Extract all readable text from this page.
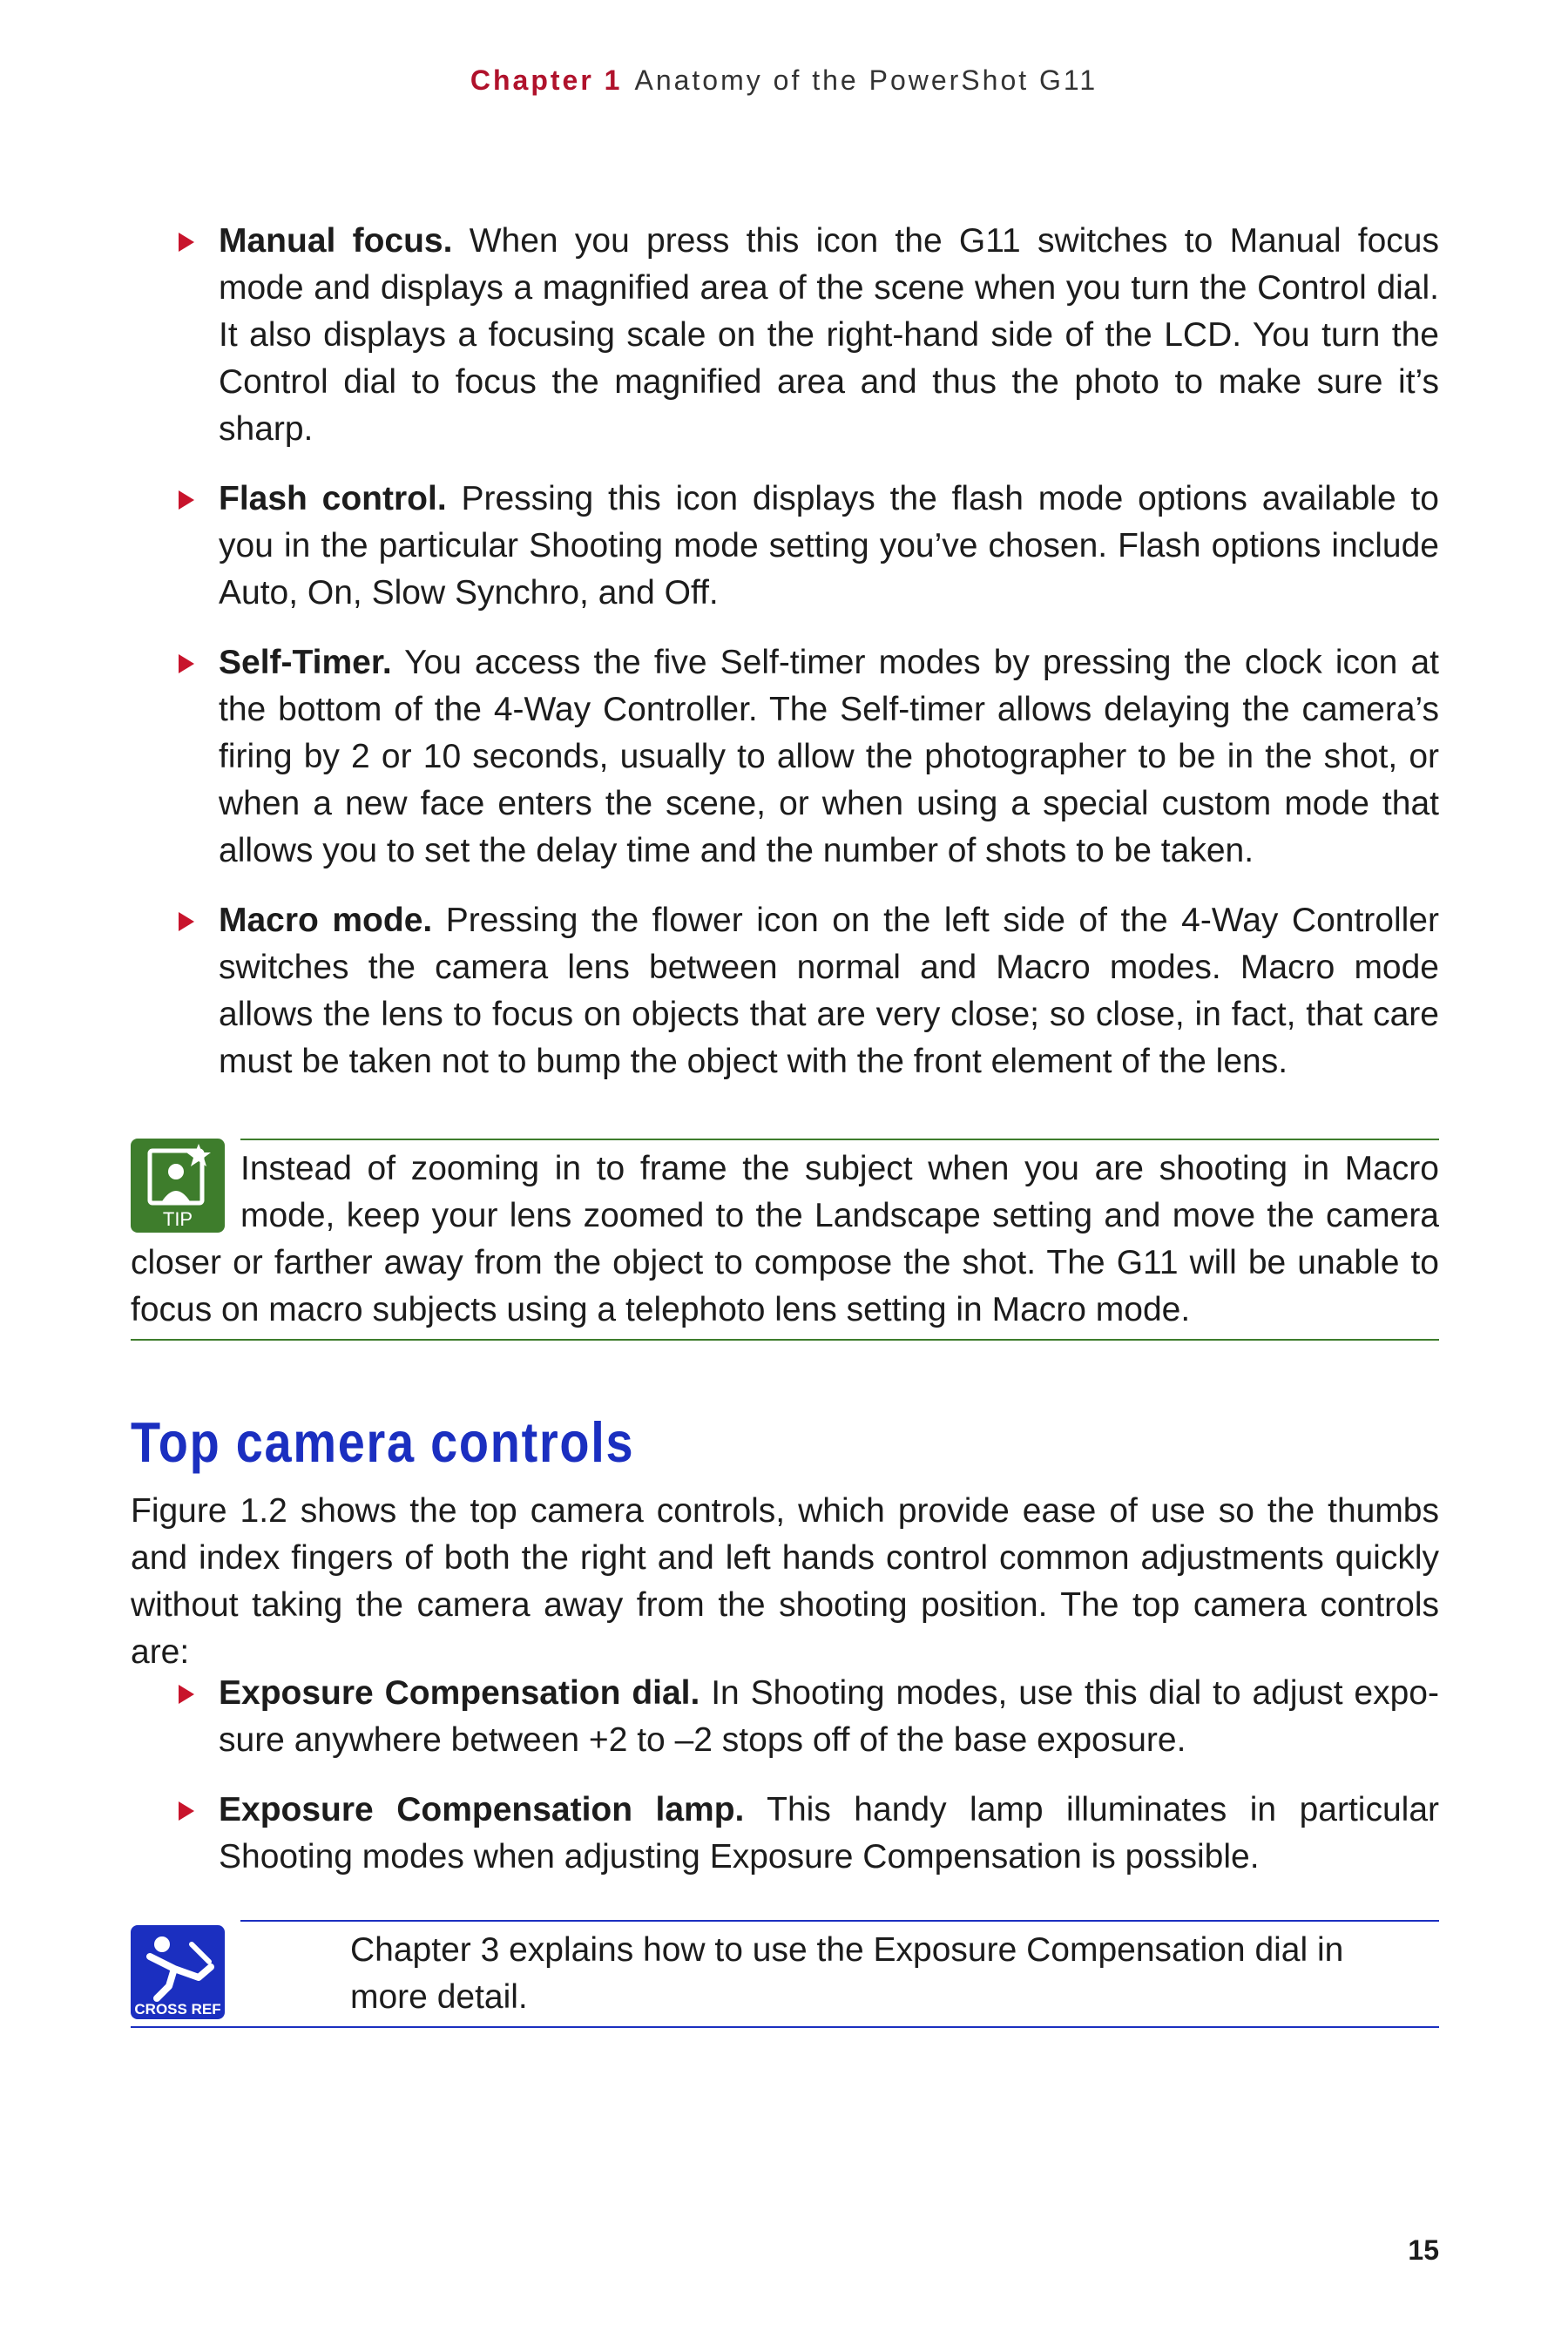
Chapter 1 Anatomy of the PowerShot G11

Manual focus. When you press this icon the G11 switches to Manual focus mode and displays a magnified area of the scene when you turn the Control dial. It also displays a focusing scale on the right-hand side of the LCD. You turn the Control dial to focus the magnified area and thus the photo to make sure it’s sharp.

Flash control. Pressing this icon displays the flash mode options available to you in the particular Shooting mode setting you’ve chosen. Flash options include Auto, On, Slow Synchro, and Off.

Self-Timer. You access the five Self-timer modes by pressing the clock icon at the bottom of the 4-Way Controller. The Self-timer allows delaying the camera’s firing by 2 or 10 seconds, usually to allow the photographer to be in the shot, or when a new face enters the scene, or when using a special custom mode that allows you to set the delay time and the number of shots to be taken.

Macro mode. Pressing the flower icon on the left side of the 4-Way Controller switches the camera lens between normal and Macro modes. Macro mode allows the lens to focus on objects that are very close; so close, in fact, that care must be taken not to bump the object with the front element of the lens.

TIP
Instead of zooming in to frame the subject when you are shooting in Macro mode, keep your lens zoomed to the Landscape setting and move the camera closer or farther away from the object to compose the shot. The G11 will be unable to focus on macro subjects using a telephoto lens setting in Macro mode.
Top camera controls

Figure 1.2 shows the top camera controls, which provide ease of use so the thumbs and index fingers of both the right and left hands control common adjustments quickly without taking the camera away from the shooting position. The top camera controls are:

Exposure Compensation dial. In Shooting modes, use this dial to adjust exposure anywhere between +2 to –2 stops off of the base exposure.

Exposure Compensation lamp. This handy lamp illuminates in particular Shooting modes when adjusting Exposure Compensation is possible.

CROSS REF
Chapter 3 explains how to use the Exposure Compensation dial in more detail.
15
